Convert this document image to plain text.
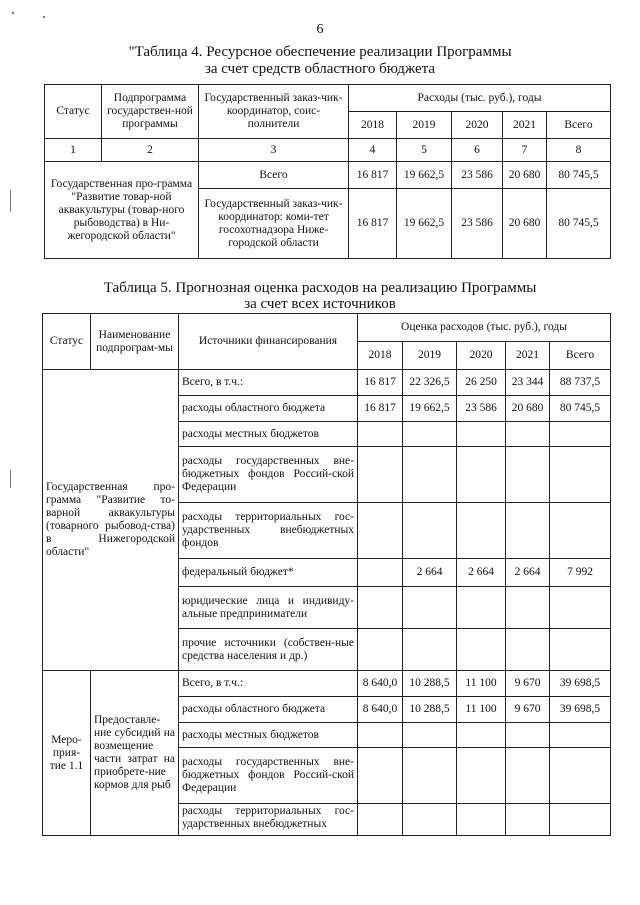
6
"Таблица 4. Ресурсное обеспечение реализации Программы
за счет средств областного бюджета
Статус	Подпрограмма государствен-ной программы	Государственный заказ-чик-координатор, соис-полнители	Расходы (тыс. руб.), годы				
			2018	2019	2020	2021	Всего
1	2	3	4	5	6	7	8
Государственная про-грамма "Развитие товар-ной аквакультуры (товар-ного рыбоводства) в Ни-жегородской области"		Всего	16 817	19 662,5	23 586	20 680	80 745,5
		Государственный заказ-чик-координатор: коми-тет госохотнадзора Ниже-городской области	16 817	19 662,5	23 586	20 680	80 745,5
Таблица 5. Прогнозная оценка расходов на реализацию Программы
за счет всех источников
Статус	Наименование подпрограм-мы	Источники финансирования	Оценка расходов (тыс. руб.), годы				
			2018	2019	2020	2021	Всего
Государственная про-грамма "Развитие то-варной аквакультуры (товарного рыбовод-ства) в Нижегородской области"		Всего, в т.ч.:	16 817	22 326,5	26 250	23 344	88 737,5
		расходы областного бюджета	16 817	19 662,5	23 586	20 680	80 745,5
		расходы местных бюджетов					
		расходы государственных вне-бюджетных фондов Россий-ской Федерации					
		расходы территориальных гос-ударственных внебюджетных фондов					
		федеральный бюджет*		2 664	2 664	2 664	7 992
		юридические лица и индивиду-альные предприниматели					
		прочие источники (собствен-ные средства населения и др.)					
Меро-прия-тие 1.1	Предоставле-ние субсидий на возмещение части затрат на приобрете-ние кормов для рыб	Всего, в т.ч.:	8 640,0	10 288,5	11 100	9 670	39 698,5
		расходы областного бюджета	8 640,0	10 288,5	11 100	9 670	39 698,5
		расходы местных бюджетов					
		расходы государственных вне-бюджетных фондов Россий-ской Федерации					
		расходы территориальных гос-ударственных внебюджетных					
